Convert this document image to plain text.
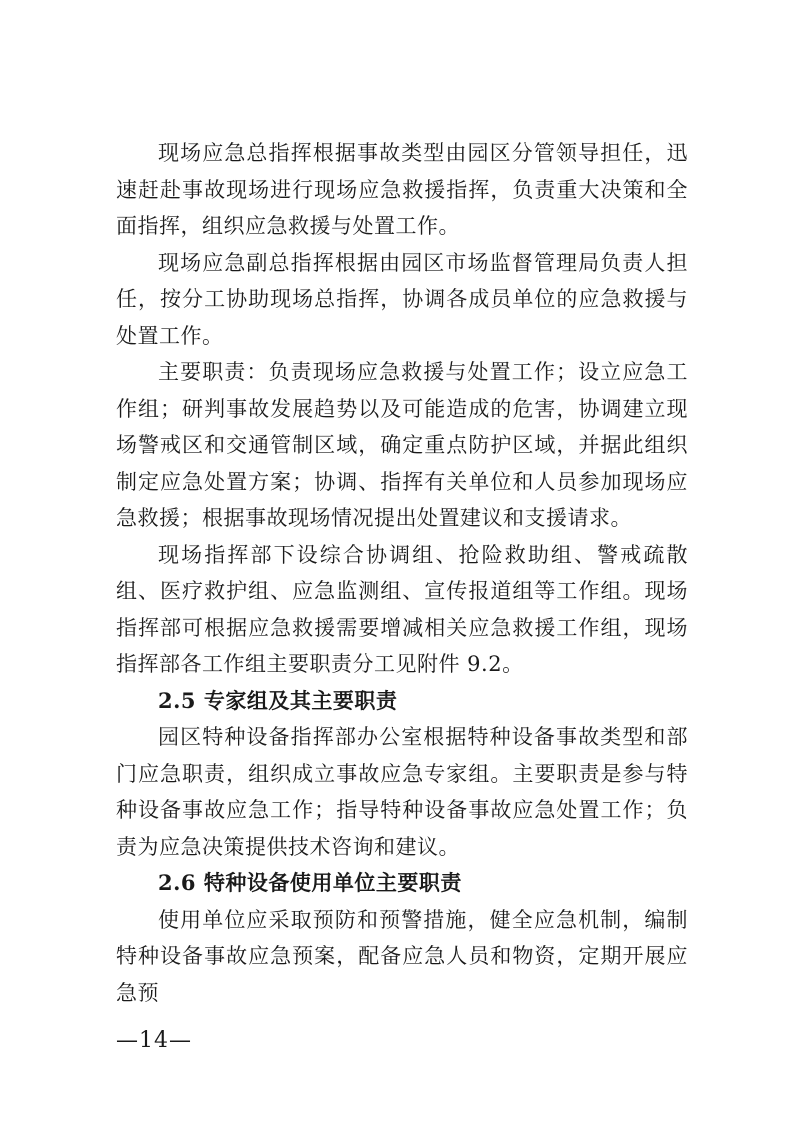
现场应急总指挥根据事故类型由园区分管领导担任，迅速赶赴事故现场进行现场应急救援指挥，负责重大决策和全面指挥，组织应急救援与处置工作。

现场应急副总指挥根据由园区市场监督管理局负责人担任，按分工协助现场总指挥，协调各成员单位的应急救援与处置工作。

主要职责：负责现场应急救援与处置工作；设立应急工作组；研判事故发展趋势以及可能造成的危害，协调建立现场警戒区和交通管制区域，确定重点防护区域，并据此组织制定应急处置方案；协调、指挥有关单位和人员参加现场应急救援；根据事故现场情况提出处置建议和支援请求。

现场指挥部下设综合协调组、抢险救助组、警戒疏散组、医疗救护组、应急监测组、宣传报道组等工作组。现场指挥部可根据应急救援需要增减相关应急救援工作组，现场指挥部各工作组主要职责分工见附件 9.2。

2.5 专家组及其主要职责

园区特种设备指挥部办公室根据特种设备事故类型和部门应急职责，组织成立事故应急专家组。主要职责是参与特种设备事故应急工作；指导特种设备事故应急处置工作；负责为应急决策提供技术咨询和建议。

2.6 特种设备使用单位主要职责

使用单位应采取预防和预警措施，健全应急机制，编制特种设备事故应急预案，配备应急人员和物资，定期开展应急预

—14—
